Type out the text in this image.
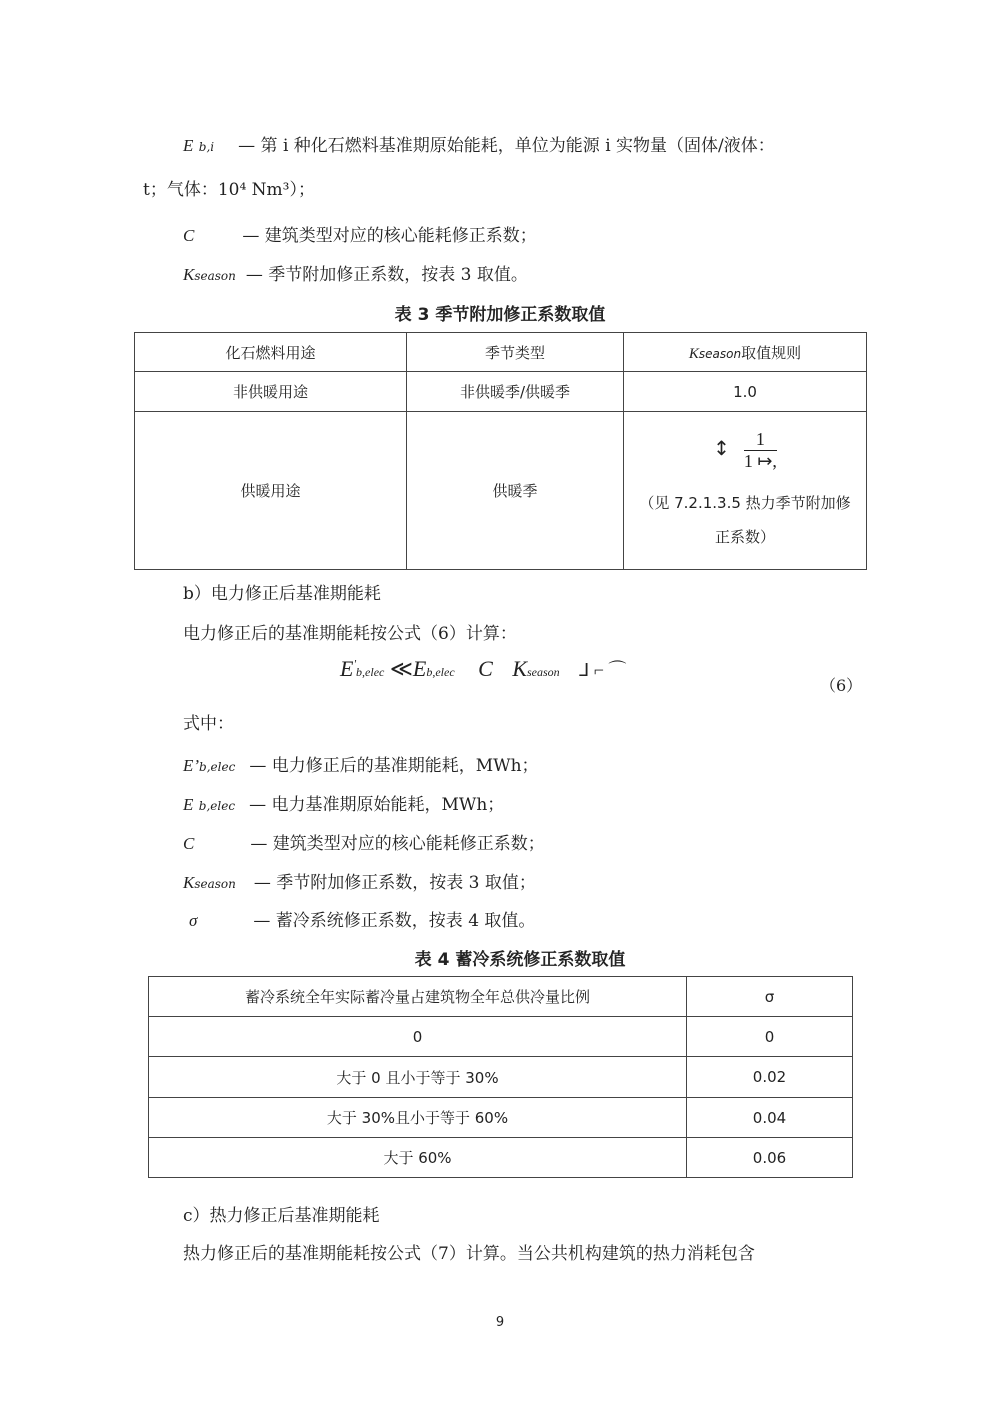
E b,i — 第 i 种化石燃料基准期原始能耗，单位为能源 i 实物量（固体/液体：
t；气体：10⁴ Nm³）；
C	— 建筑类型对应的核心能耗修正系数；
Kseason — 季节附加修正系数，按表 3 取值。
表 3 季节附加修正系数取值
化石燃料用途	季节类型	Kseason取值规则
非供暖用途	非供暖季/供暖季	1.0
供暖用途	供暖季	↕ $\frac{1}{1 ↦,}$
（见 7.2.1.3.5 热力季节附加修
正系数）
b）电力修正后基准期能耗
电力修正后的基准期能耗按公式（6）计算：
E'b,elec ≪Eb,elec C Kseason ⅃ ⌐ ⌒
（6）
式中：
E’b,elec — 电力修正后的基准期能耗，MWh；
E b,elec — 电力基准期原始能耗，MWh；
C	— 建筑类型对应的核心能耗修正系数；
Kseason — 季节附加修正系数，按表 3 取值；
σ	— 蓄冷系统修正系数，按表 4 取值。
表 4 蓄冷系统修正系数取值
蓄冷系统全年实际蓄冷量占建筑物全年总供冷量比例	σ
0	0
大于 0 且小于等于 30%	0.02
大于 30%且小于等于 60%	0.04
大于 60%	0.06
c）热力修正后基准期能耗
热力修正后的基准期能耗按公式（7）计算。当公共机构建筑的热力消耗包含
9
